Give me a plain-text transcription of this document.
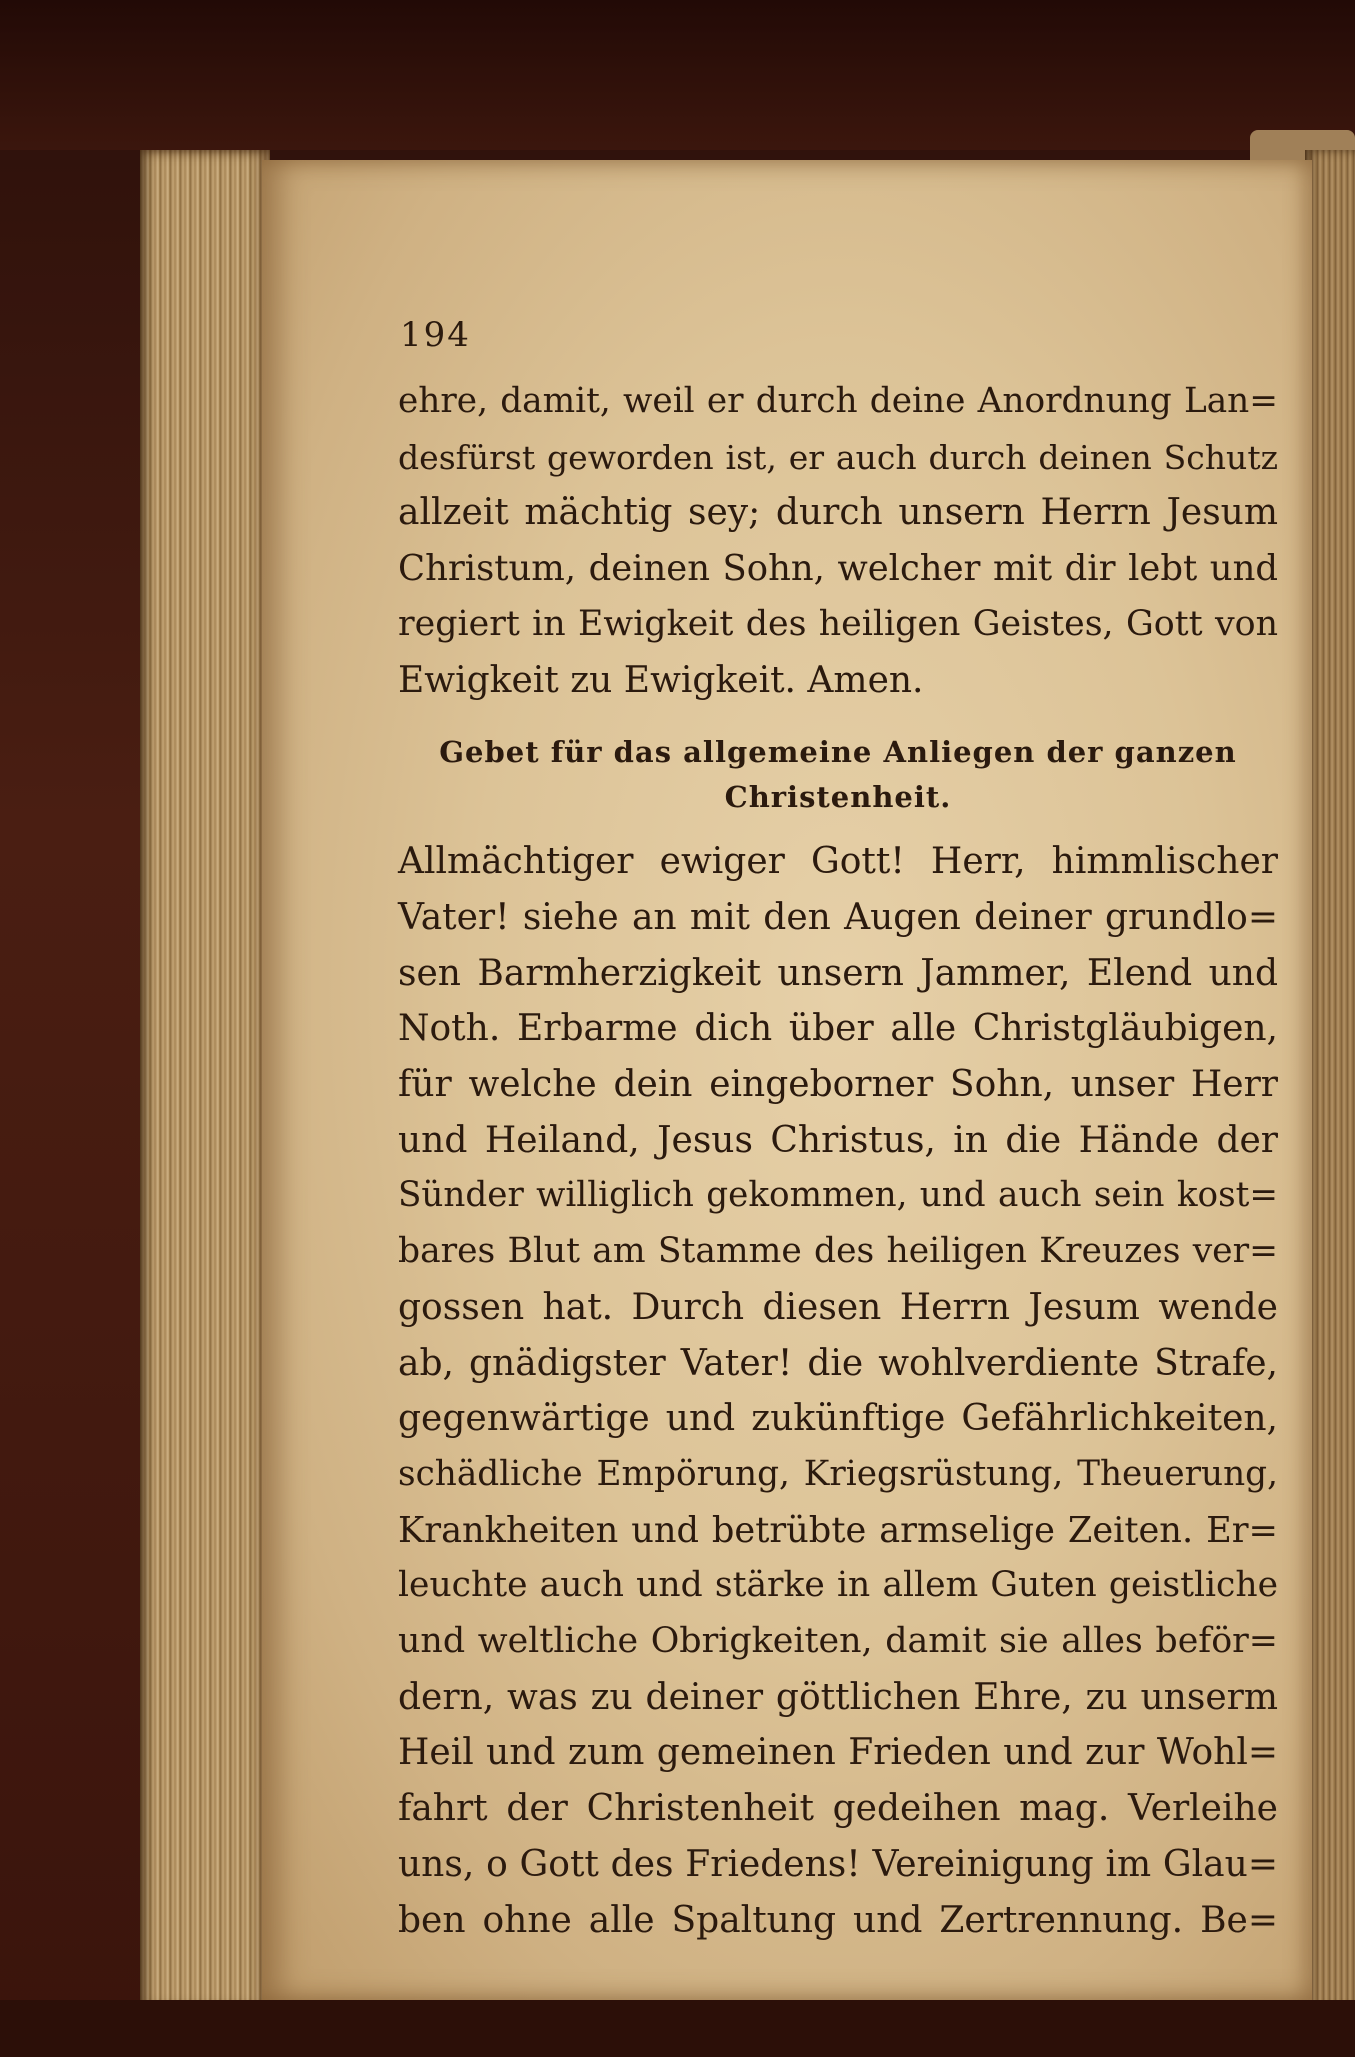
194
ehre, damit, weil er durch deine Anordnung Lan=
desfürst geworden ist, er auch durch deinen Schutz
allzeit mächtig sey; durch unsern Herrn Jesum
Christum, deinen Sohn, welcher mit dir lebt und
regiert in Ewigkeit des heiligen Geistes, Gott von
Ewigkeit zu Ewigkeit. Amen.
Gebet für das allgemeine Anliegen der ganzen
Christenheit.
Allmächtiger ewiger Gott! Herr, himmlischer
Vater! siehe an mit den Augen deiner grundlo=
sen Barmherzigkeit unsern Jammer, Elend und
Noth. Erbarme dich über alle Christgläubigen,
für welche dein eingeborner Sohn, unser Herr
und Heiland, Jesus Christus, in die Hände der
Sünder williglich gekommen, und auch sein kost=
bares Blut am Stamme des heiligen Kreuzes ver=
gossen hat. Durch diesen Herrn Jesum wende
ab, gnädigster Vater! die wohlverdiente Strafe,
gegenwärtige und zukünftige Gefährlichkeiten,
schädliche Empörung, Kriegsrüstung, Theuerung,
Krankheiten und betrübte armselige Zeiten. Er=
leuchte auch und stärke in allem Guten geistliche
und weltliche Obrigkeiten, damit sie alles beför=
dern, was zu deiner göttlichen Ehre, zu unserm
Heil und zum gemeinen Frieden und zur Wohl=
fahrt der Christenheit gedeihen mag. Verleihe
uns, o Gott des Friedens! Vereinigung im Glau=
ben ohne alle Spaltung und Zertrennung. Be=
